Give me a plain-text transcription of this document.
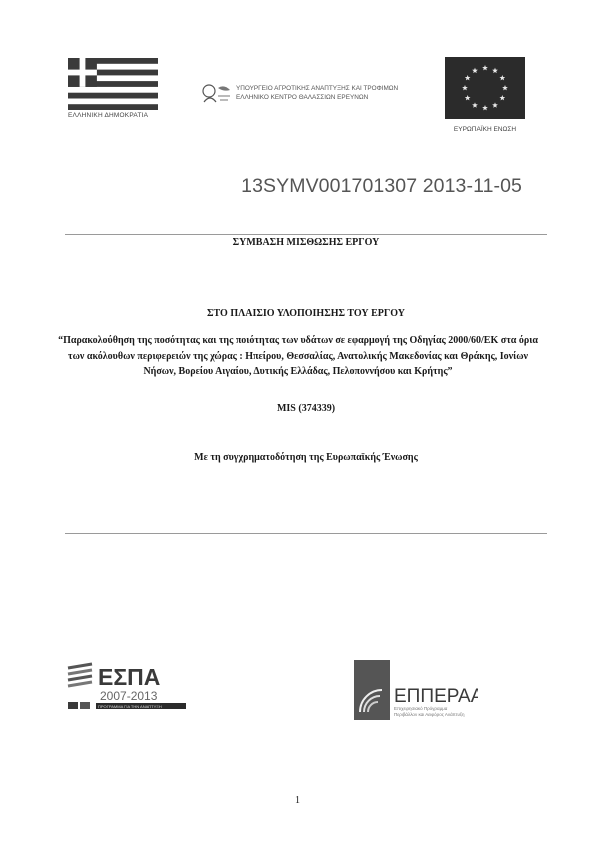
ΕΛΛΗΝΙΚΗ ΔΗΜΟΚΡΑΤΙΑ
ΥΠΟΥΡΓΕΙΟ ΑΓΡΟΤΙΚΗΣ ΑΝΑΠΤΥΞΗΣ ΚΑΙ ΤΡΟΦΙΜΩΝ
ΕΛΛΗΝΙΚΟ ΚΕΝΤΡΟ ΘΑΛΑΣΣΙΩΝ ΕΡΕΥΝΩΝ
ΕΥΡΩΠΑΪΚΗ ΕΝΩΣΗ
13SYMV001701307 2013-11-05
ΣΥΜΒΑΣΗ ΜΙΣΘΩΣΗΣ ΕΡΓΟΥ
ΣΤΟ ΠΛΑΙΣΙΟ ΥΛΟΠΟΙΗΣΗΣ ΤΟΥ ΕΡΓΟΥ
“Παρακολούθηση της ποσότητας και της ποιότητας των υδάτων σε εφαρμογή της Οδηγίας 2000/60/ΕΚ στα όρια των ακόλουθων περιφερειών της χώρας : Ηπείρου, Θεσσαλίας, Ανατολικής Μακεδονίας και Θράκης, Ιονίων Νήσων, Βορείου Αιγαίου, Δυτικής Ελλάδας, Πελοποννήσου και Κρήτης”
MIS (374339)
Με τη συγχρηματοδότηση της Ευρωπαϊκής Ένωσης
ΕΣΠΑ
2007-2013
ΠΡΟΓΡΑΜΜΑ ΓΙΑ ΤΗΝ ΑΝΑΠΤΥΞΗ	ΕΠΠΕΡΑΑ
Επιχειρησιακό Πρόγραμμα
Περιβάλλον και Αειφόρος Ανάπτυξη
1
